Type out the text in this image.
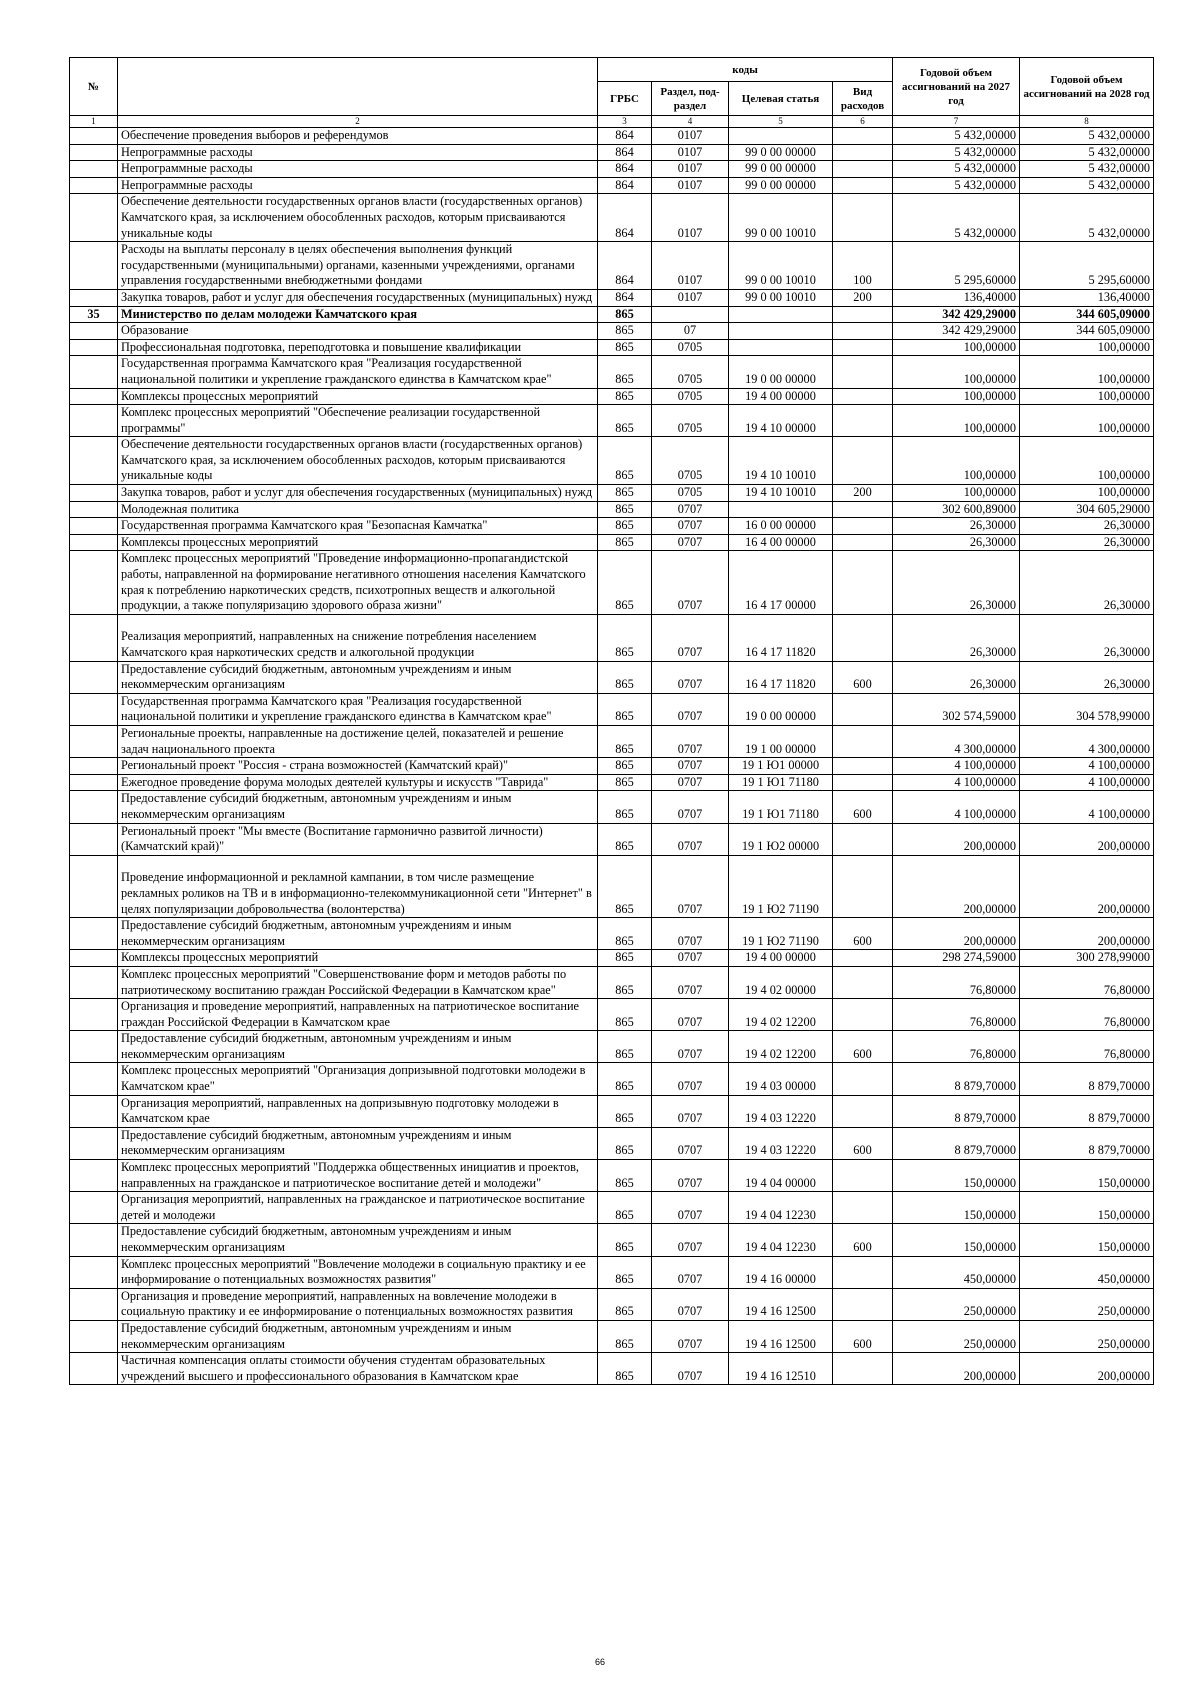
№		коды				Годовой объем ассигнований на 2027 год	Годовой объем ассигнований на 2028 год
		ГРБС	Раздел, под-раздел	Целевая статья	Вид расходов		
1	2	3	4	5	6	7	8
	Обеспечение проведения выборов и референдумов	864	0107			5 432,00000	5 432,00000
	Непрограммные расходы	864	0107	99 0 00 00000		5 432,00000	5 432,00000
	Непрограммные расходы	864	0107	99 0 00 00000		5 432,00000	5 432,00000
	Непрограммные расходы	864	0107	99 0 00 00000		5 432,00000	5 432,00000
	Обеспечение деятельности государственных органов власти (государственных органов) Камчатского края, за исключением обособленных расходов, которым присваиваются уникальные коды	864	0107	99 0 00 10010		5 432,00000	5 432,00000
	Расходы на выплаты персоналу в целях обеспечения выполнения функций государственными (муниципальными) органами, казенными учреждениями, органами управления государственными внебюджетными фондами	864	0107	99 0 00 10010	100	5 295,60000	5 295,60000
	Закупка товаров, работ и услуг для обеспечения государственных (муниципальных) нужд	864	0107	99 0 00 10010	200	136,40000	136,40000
35	Министерство по делам молодежи Камчатского края	865				342 429,29000	344 605,09000
	Образование	865	07			342 429,29000	344 605,09000
	Профессиональная подготовка, переподготовка и повышение квалификации	865	0705			100,00000	100,00000
	Государственная программа Камчатского края "Реализация государственной национальной политики и укрепление гражданского единства в Камчатском крае"	865	0705	19 0 00 00000		100,00000	100,00000
	Комплексы процессных мероприятий	865	0705	19 4 00 00000		100,00000	100,00000
	Комплекс процессных мероприятий "Обеспечение реализации государственной программы"	865	0705	19 4 10 00000		100,00000	100,00000
	Обеспечение деятельности государственных органов власти (государственных органов) Камчатского края, за исключением обособленных расходов, которым присваиваются уникальные коды	865	0705	19 4 10 10010		100,00000	100,00000
	Закупка товаров, работ и услуг для обеспечения государственных (муниципальных) нужд	865	0705	19 4 10 10010	200	100,00000	100,00000
	Молодежная политика	865	0707			302 600,89000	304 605,29000
	Государственная программа Камчатского края "Безопасная Камчатка"	865	0707	16 0 00 00000		26,30000	26,30000
	Комплексы процессных мероприятий	865	0707	16 4 00 00000		26,30000	26,30000
	Комплекс процессных мероприятий "Проведение информационно-пропагандистской работы, направленной на формирование негативного отношения населения Камчатского края к потреблению наркотических средств, психотропных веществ и алкогольной продукции, а также популяризацию здорового образа жизни"	865	0707	16 4 17 00000		26,30000	26,30000
	Реализация мероприятий, направленных на снижение потребления населением Камчатского края наркотических средств и алкогольной продукции	865	0707	16 4 17 11820		26,30000	26,30000
	Предоставление субсидий бюджетным, автономным учреждениям и иным некоммерческим организациям	865	0707	16 4 17 11820	600	26,30000	26,30000
	Государственная программа Камчатского края "Реализация государственной национальной политики и укрепление гражданского единства в Камчатском крае"	865	0707	19 0 00 00000		302 574,59000	304 578,99000
	Региональные проекты, направленные на достижение целей, показателей и решение задач национального проекта	865	0707	19 1 00 00000		4 300,00000	4 300,00000
	Региональный проект "Россия - страна возможностей (Камчатский край)"	865	0707	19 1 Ю1 00000		4 100,00000	4 100,00000
	Ежегодное проведение форума молодых деятелей культуры и искусств "Таврида"	865	0707	19 1 Ю1 71180		4 100,00000	4 100,00000
	Предоставление субсидий бюджетным, автономным учреждениям и иным некоммерческим организациям	865	0707	19 1 Ю1 71180	600	4 100,00000	4 100,00000
	Региональный проект "Мы вместе (Воспитание гармонично развитой личности) (Камчатский край)"	865	0707	19 1 Ю2 00000		200,00000	200,00000
	Проведение информационной и рекламной кампании, в том числе размещение рекламных роликов на ТВ и в информационно-телекоммуникационной сети "Интернет" в целях популяризации добровольчества (волонтерства)	865	0707	19 1 Ю2 71190		200,00000	200,00000
	Предоставление субсидий бюджетным, автономным учреждениям и иным некоммерческим организациям	865	0707	19 1 Ю2 71190	600	200,00000	200,00000
	Комплексы процессных мероприятий	865	0707	19 4 00 00000		298 274,59000	300 278,99000
	Комплекс процессных мероприятий "Совершенствование форм и методов работы по патриотическому воспитанию граждан Российской Федерации в Камчатском крае"	865	0707	19 4 02 00000		76,80000	76,80000
	Организация и проведение мероприятий, направленных на патриотическое воспитание граждан Российской Федерации в Камчатском крае	865	0707	19 4 02 12200		76,80000	76,80000
	Предоставление субсидий бюджетным, автономным учреждениям и иным некоммерческим организациям	865	0707	19 4 02 12200	600	76,80000	76,80000
	Комплекс процессных мероприятий "Организация допризывной подготовки молодежи в Камчатском крае"	865	0707	19 4 03 00000		8 879,70000	8 879,70000
	Организация мероприятий, направленных на допризывную подготовку молодежи в Камчатском крае	865	0707	19 4 03 12220		8 879,70000	8 879,70000
	Предоставление субсидий бюджетным, автономным учреждениям и иным некоммерческим организациям	865	0707	19 4 03 12220	600	8 879,70000	8 879,70000
	Комплекс процессных мероприятий "Поддержка общественных инициатив и проектов, направленных на гражданское и патриотическое воспитание детей и молодежи"	865	0707	19 4 04 00000		150,00000	150,00000
	Организация мероприятий, направленных на гражданское и патриотическое воспитание детей и молодежи	865	0707	19 4 04 12230		150,00000	150,00000
	Предоставление субсидий бюджетным, автономным учреждениям и иным некоммерческим организациям	865	0707	19 4 04 12230	600	150,00000	150,00000
	Комплекс процессных мероприятий "Вовлечение молодежи в социальную практику и ее информирование о потенциальных возможностях развития"	865	0707	19 4 16 00000		450,00000	450,00000
	Организация и проведение мероприятий, направленных на вовлечение молодежи в социальную практику и ее информирование о потенциальных возможностях развития	865	0707	19 4 16 12500		250,00000	250,00000
	Предоставление субсидий бюджетным, автономным учреждениям и иным некоммерческим организациям	865	0707	19 4 16 12500	600	250,00000	250,00000
	Частичная компенсация оплаты стоимости обучения студентам образовательных учреждений высшего и профессионального образования в Камчатском крае	865	0707	19 4 16 12510		200,00000	200,00000
66
